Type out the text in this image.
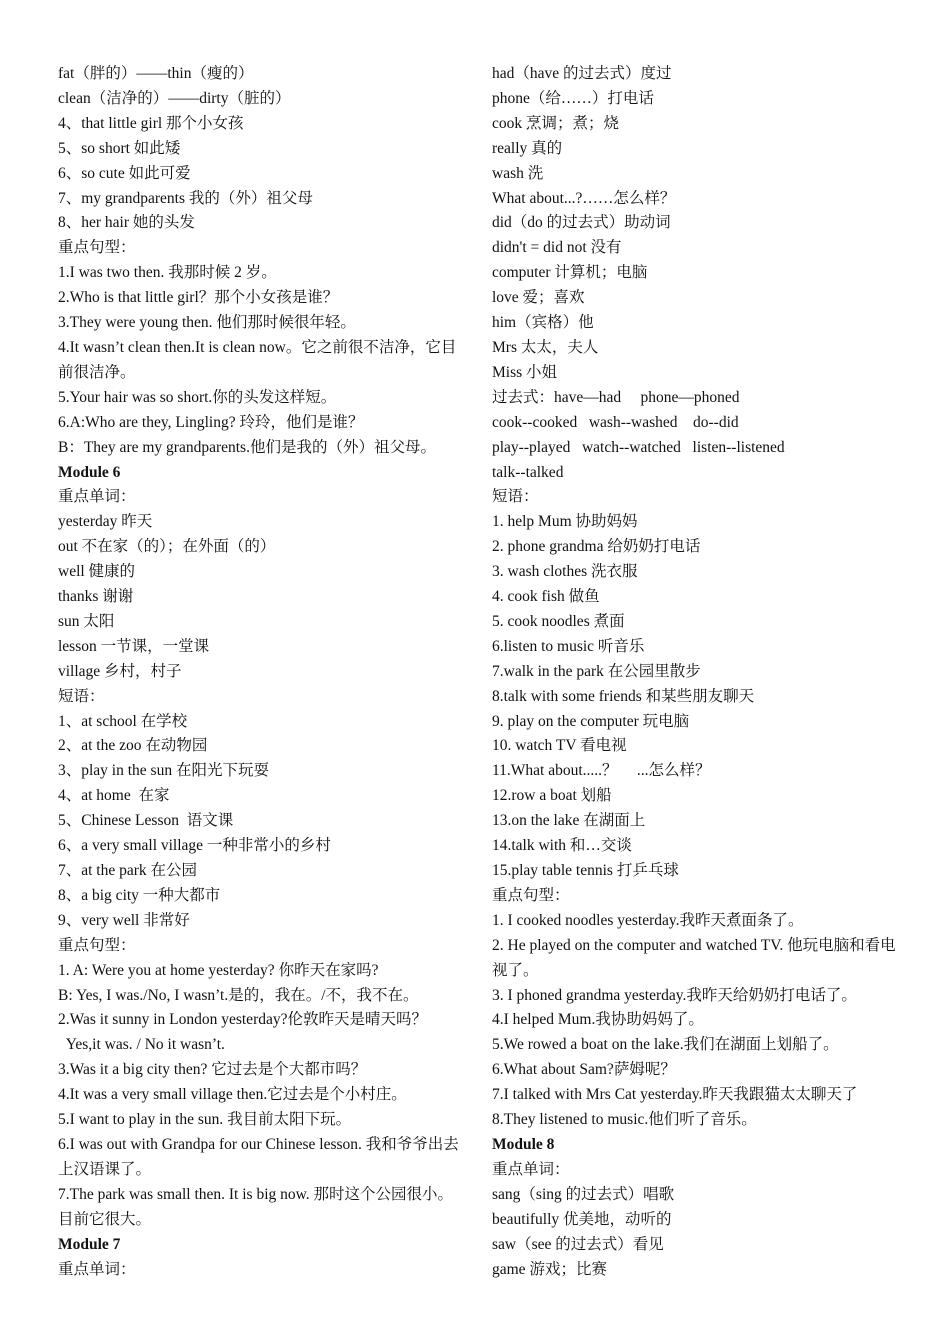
fat（胖的）——thin（瘦的）
clean（洁净的）——dirty（脏的）
4、that little girl 那个小女孩
5、so short 如此矮
6、so cute 如此可爱
7、my grandparents 我的（外）祖父母
8、her hair 她的头发
重点句型：
1.I was two then. 我那时候 2 岁。
2.Who is that little girl？那个小女孩是谁？
3.They were young then. 他们那时候很年轻。
4.It wasn’t clean then.It is clean now。它之前很不洁净，它目前很洁净。
5.Your hair was so short.你的头发这样短。
6.A:Who are they, Lingling? 玲玲，他们是谁？
B：They are my grandparents.他们是我的（外）祖父母。
Module 6
重点单词：
yesterday 昨天
out 不在家（的）；在外面（的）
well 健康的
thanks 谢谢
sun 太阳
lesson 一节课，一堂课
village 乡村，村子
短语：
1、at school 在学校
2、at the zoo 在动物园
3、play in the sun 在阳光下玩耍
4、at home  在家
5、Chinese Lesson  语文课
6、a very small village 一种非常小的乡村
7、at the park 在公园
8、a big city 一种大都市
9、very well 非常好
重点句型：
1. A: Were you at home yesterday? 你昨天在家吗?
B: Yes, I was./No, I wasn’t.是的，我在。/不，我不在。
2.Was it sunny in London yesterday?伦敦昨天是晴天吗？
Yes,it was. / No it wasn’t.
3.Was it a big city then? 它过去是个大都市吗？
4.It was a very small village then.它过去是个小村庄。
5.I want to play in the sun. 我目前太阳下玩。
6.I was out with Grandpa for our Chinese lesson. 我和爷爷出去上汉语课了。
7.The park was small then. It is big now. 那时这个公园很小。目前它很大。
Module 7
重点单词：
had（have 的过去式）度过
phone（给……）打电话
cook 烹调；煮；烧
really 真的
wash 洗
What about...?……怎么样？
did（do 的过去式）助动词
didn't = did not 没有
computer 计算机；电脑
love 爱；喜欢
him（宾格）他
Mrs 太太，夫人
Miss 小姐
过去式：have—had     phone—phoned
cook--cooked   wash--washed    do--did
play--played   watch--watched   listen--listened
talk--talked
短语：
1. help Mum 协助妈妈
2. phone grandma 给奶奶打电话
3. wash clothes 洗衣服
4. cook fish 做鱼
5. cook noodles 煮面
6.listen to music 听音乐
7.walk in the park 在公园里散步
8.talk with some friends 和某些朋友聊天
9. play on the computer 玩电脑
10. watch TV 看电视
11.What about.....？     ...怎么样？
12.row a boat 划船
13.on the lake 在湖面上
14.talk with 和…交谈
15.play table tennis 打乒乓球
重点句型：
1. I cooked noodles yesterday.我昨天煮面条了。
2. He played on the computer and watched TV. 他玩电脑和看电视了。
3. I phoned grandma yesterday.我昨天给奶奶打电话了。
4.I helped Mum.我协助妈妈了。
5.We rowed a boat on the lake.我们在湖面上划船了。
6.What about Sam?萨姆呢？
7.I talked with Mrs Cat yesterday.昨天我跟猫太太聊天了
8.They listened to music.他们听了音乐。
Module 8
重点单词：
sang（sing 的过去式）唱歌
beautifully 优美地，动听的
saw（see 的过去式）看见
game 游戏；比赛
